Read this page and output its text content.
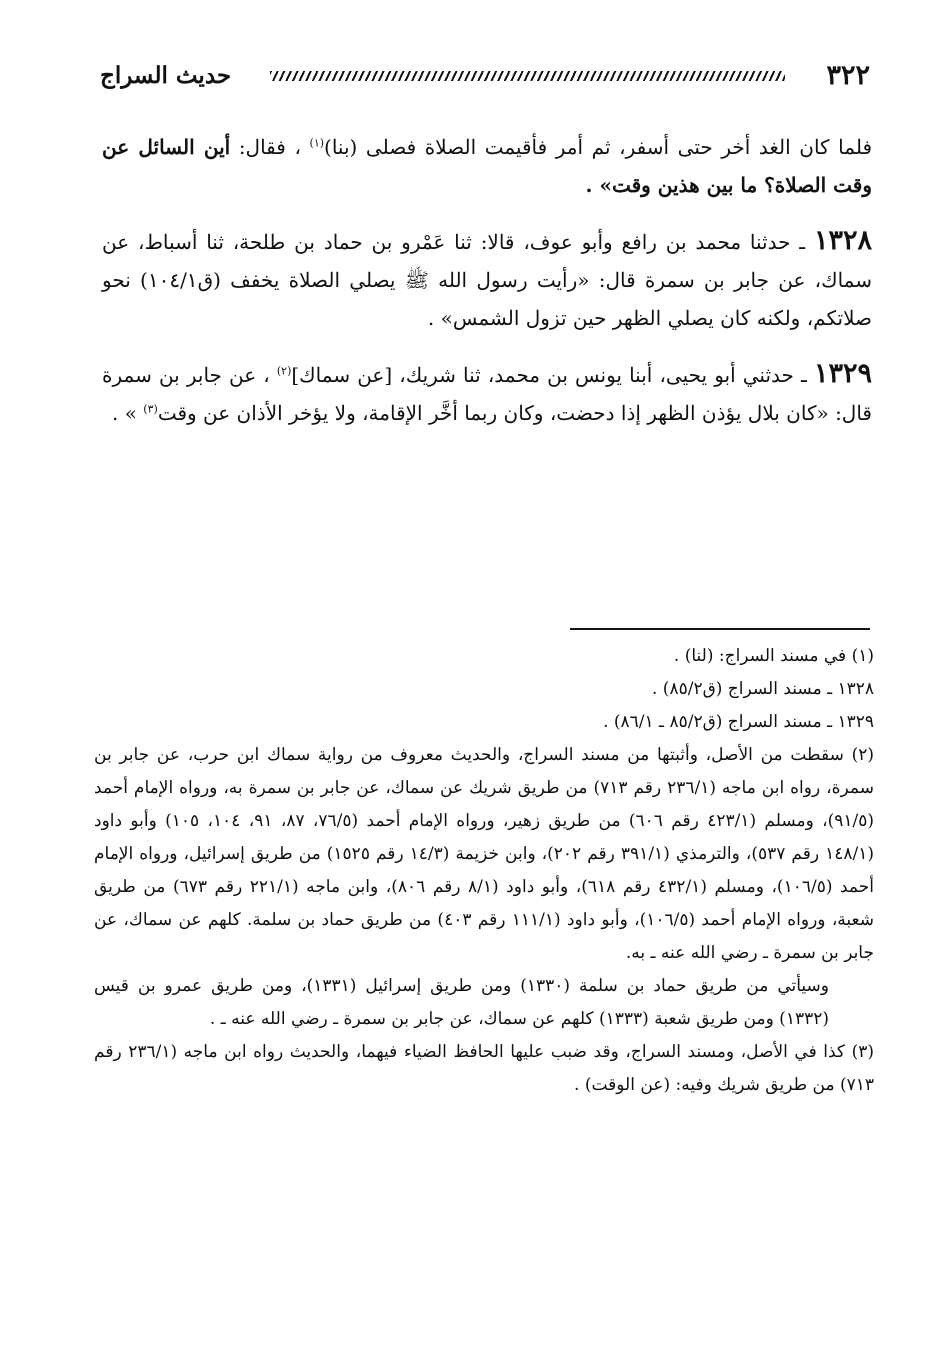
٣٢٢
حديث السراج

فلما كان الغد أخر حتى أسفر، ثم أمر فأقيمت الصلاة فصلى (بنا)$^{(١)}$ ، فقال: أين السائل عن وقت الصلاة؟ ما بين هذين وقت» .

١٣٢٨ ـ حدثنا محمد بن رافع وأبو عوف، قالا: ثنا عَمْرو بن حماد بن طلحة، ثنا أسباط، عن سماك، عن جابر بن سمرة قال: «رأيت رسول الله ﷺ يصلي الصلاة يخفف (ق١٠٤/١) نحو صلاتكم، ولكنه كان يصلي الظهر حين تزول الشمس» .

١٣٢٩ ـ حدثني أبو يحيى، أبنا يونس بن محمد، ثنا شريك، [عن سماك]$^{(٢)}$ ، عن جابر بن سمرة قال: «كان بلال يؤذن الظهر إذا دحضت، وكان ربما أخَّر الإقامة، ولا يؤخر الأذان عن وقت$^{(٣)}$ » .

(١) في مسند السراج: (لنا) .

١٣٢٨ ـ مسند السراج (ق٨٥/٢) .

١٣٢٩ ـ مسند السراج (ق٨٥/٢ ـ ٨٦/١) .

(٢) سقطت من الأصل، وأثبتها من مسند السراج، والحديث معروف من رواية سماك ابن حرب، عن جابر بن سمرة، رواه ابن ماجه (٢٣٦/١ رقم ٧١٣) من طريق شريك عن سماك، عن جابر بن سمرة به، ورواه الإمام أحمد (٩١/٥)، ومسلم (٤٢٣/١ رقم ٦٠٦) من طريق زهير، ورواه الإمام أحمد (٧٦/٥، ٨٧، ٩١، ١٠٤، ١٠٥) وأبو داود (١٤٨/١ رقم ٥٣٧)، والترمذي (٣٩١/١ رقم ٢٠٢)، وابن خزيمة (١٤/٣ رقم ١٥٢٥) من طريق إسرائيل، ورواه الإمام أحمد (١٠٦/٥)، ومسلم (٤٣٢/١ رقم ٦١٨)، وأبو داود (٨/١ رقم ٨٠٦)، وابن ماجه (٢٢١/١ رقم ٦٧٣) من طريق شعبة، ورواه الإمام أحمد (١٠٦/٥)، وأبو داود (١١١/١ رقم ٤٠٣) من طريق حماد بن سلمة. كلهم عن سماك، عن جابر بن سمرة ـ رضي الله عنه ـ به.

وسيأتي من طريق حماد بن سلمة (١٣٣٠) ومن طريق إسرائيل (١٣٣١)، ومن طريق عمرو بن قيس (١٣٣٢) ومن طريق شعبة (١٣٣٣) كلهم عن سماك، عن جابر بن سمرة ـ رضي الله عنه ـ .

(٣) كذا في الأصل، ومسند السراج، وقد ضبب عليها الحافظ الضياء فيهما، والحديث رواه ابن ماجه (٢٣٦/١ رقم ٧١٣) من طريق شريك وفيه: (عن الوقت) .
